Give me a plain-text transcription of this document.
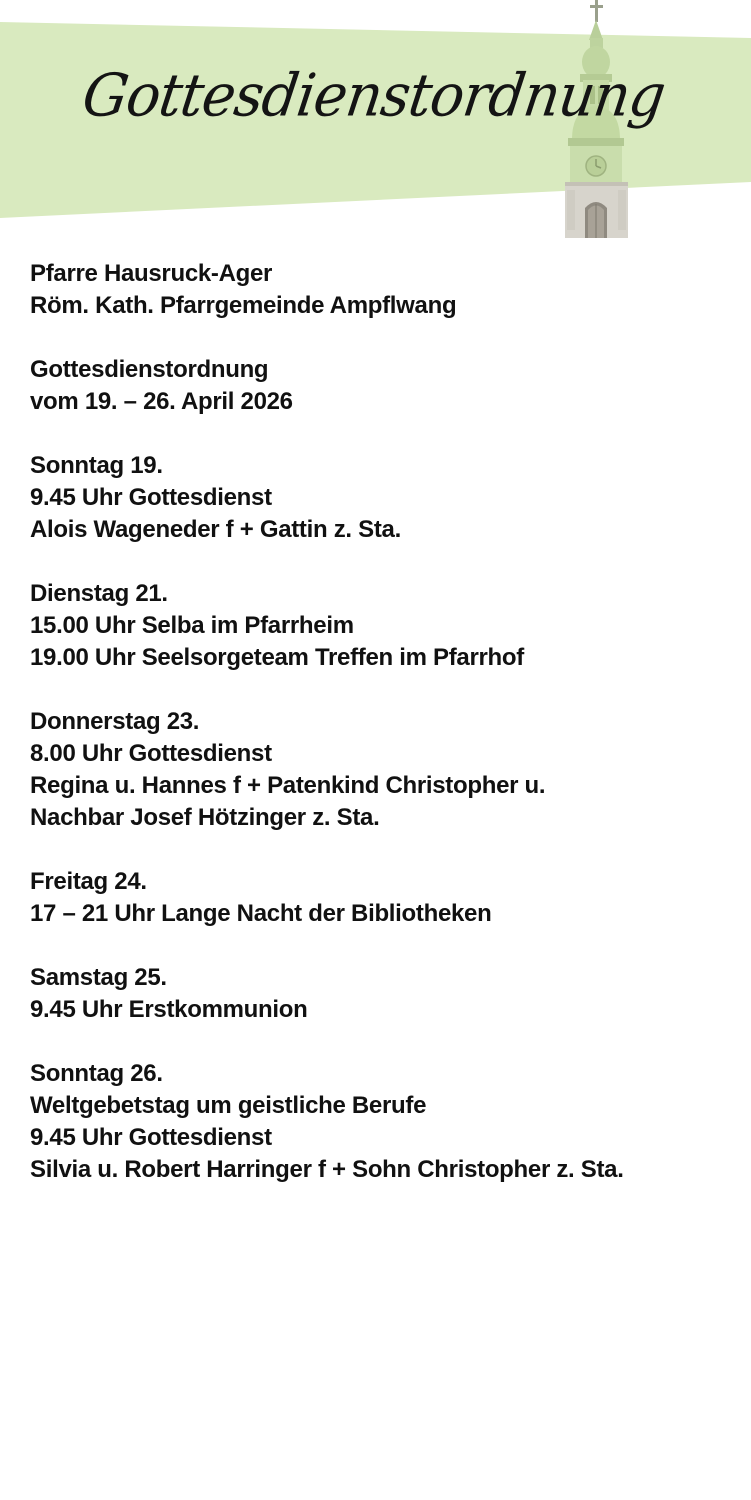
Gottesdienstordnung
Pfarre Hausruck-Ager
Röm. Kath. Pfarrgemeinde Ampflwang
Gottesdienstordnung
vom 19. – 26. April 2026
Sonntag 19.
9.45 Uhr Gottesdienst
Alois Wageneder f + Gattin z. Sta.
Dienstag 21.
15.00 Uhr Selba im Pfarrheim
19.00 Uhr Seelsorgeteam Treffen im Pfarrhof
Donnerstag 23.
8.00 Uhr Gottesdienst
Regina u. Hannes f + Patenkind Christopher u.
Nachbar Josef Hötzinger z. Sta.
Freitag 24.
17 – 21 Uhr Lange Nacht der Bibliotheken
Samstag 25.
9.45 Uhr Erstkommunion
Sonntag 26.
Weltgebetstag um geistliche Berufe
9.45 Uhr Gottesdienst
Silvia u. Robert Harringer f + Sohn Christopher z. Sta.
